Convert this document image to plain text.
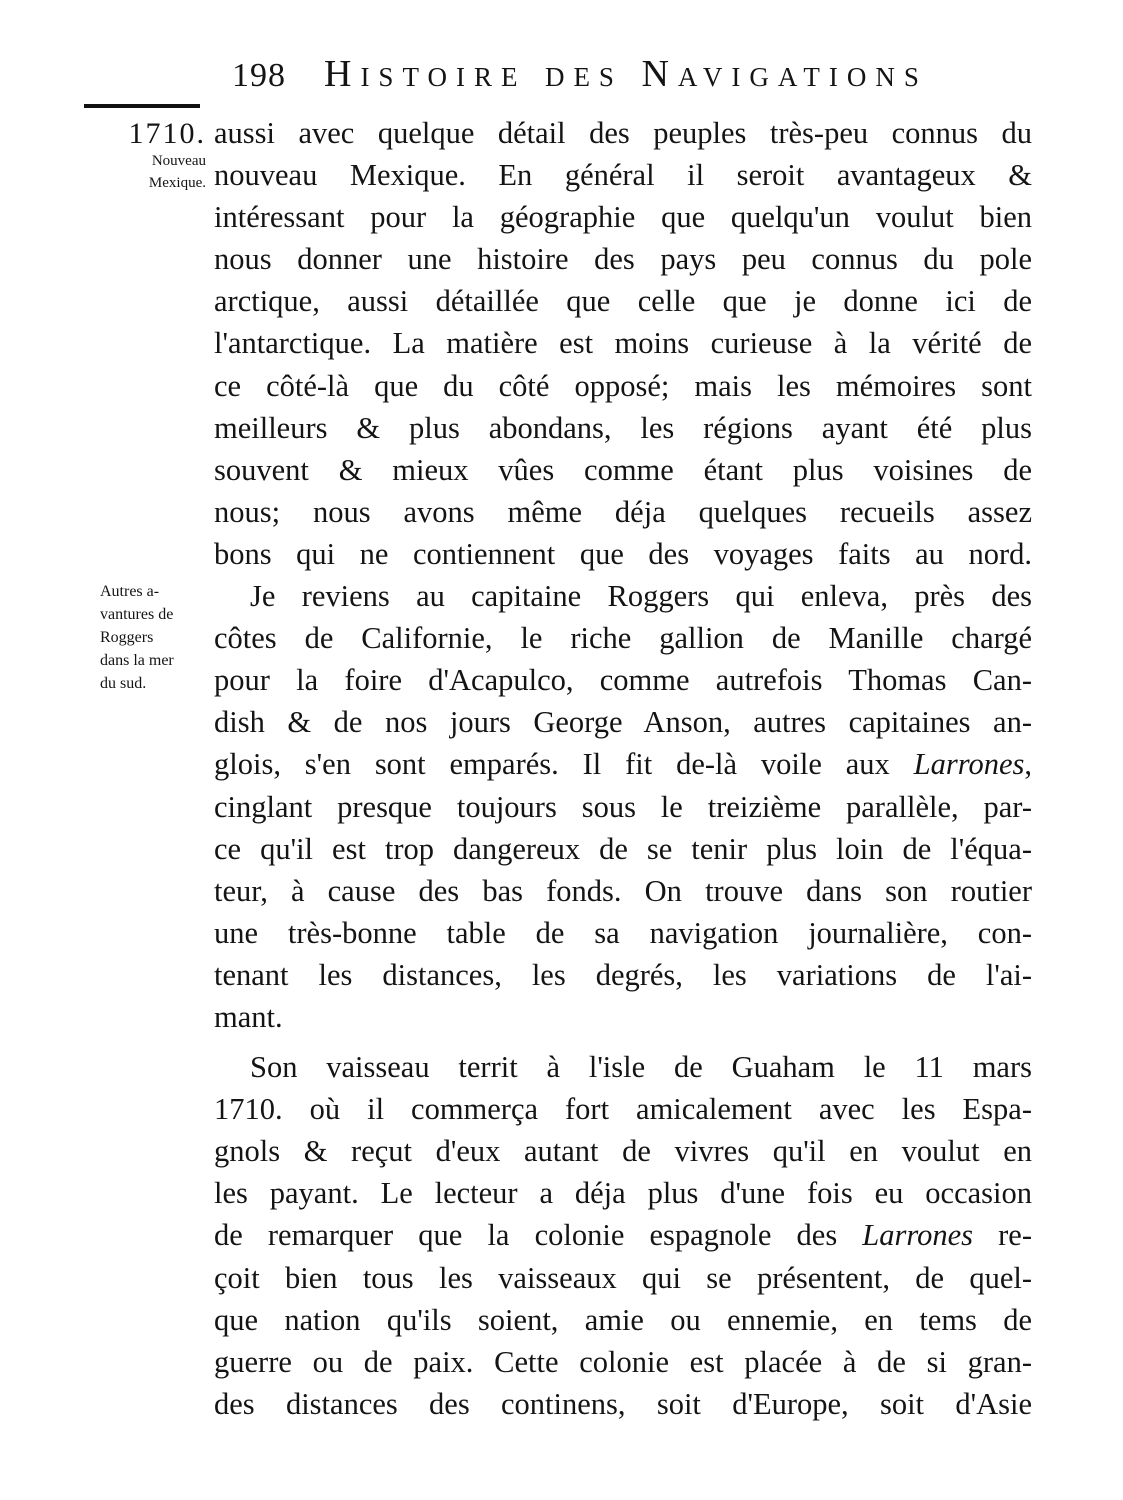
198 Histoire des Navigations
1710.
Nouveau
Mexique.
Autres a-
vantures de
Roggers
dans la mer
du sud.
aussi avec quelque détail des peuples très-peu connus du
nouveau Mexique. En général il seroit avantageux &
intéressant pour la géographie que quelqu'un voulut bien
nous donner une histoire des pays peu connus du pole
arctique, aussi détaillée que celle que je donne ici de
l'antarctique. La matière est moins curieuse à la vérité de
ce côté-là que du côté opposé; mais les mémoires sont
meilleurs & plus abondans, les régions ayant été plus
souvent & mieux vûes comme étant plus voisines de
nous; nous avons même déja quelques recueils assez
bons qui ne contiennent que des voyages faits au nord.
Je reviens au capitaine Roggers qui enleva, près des
côtes de Californie, le riche gallion de Manille chargé
pour la foire d'Acapulco, comme autrefois Thomas Can-
dish & de nos jours George Anson, autres capitaines an-
glois, s'en sont emparés. Il fit de-là voile aux Larrones,
cinglant presque toujours sous le treizième parallèle, par-
ce qu'il est trop dangereux de se tenir plus loin de l'équa-
teur, à cause des bas fonds. On trouve dans son routier
une très-bonne table de sa navigation journalière, con-
tenant les distances, les degrés, les variations de l'ai-
mant.
Son vaisseau territ à l'isle de Guaham le 11 mars
1710. où il commerça fort amicalement avec les Espa-
gnols & reçut d'eux autant de vivres qu'il en voulut en
les payant. Le lecteur a déja plus d'une fois eu occasion
de remarquer que la colonie espagnole des Larrones re-
çoit bien tous les vaisseaux qui se présentent, de quel-
que nation qu'ils soient, amie ou ennemie, en tems de
guerre ou de paix. Cette colonie est placée à de si gran-
des distances des continens, soit d'Europe, soit d'Asie
